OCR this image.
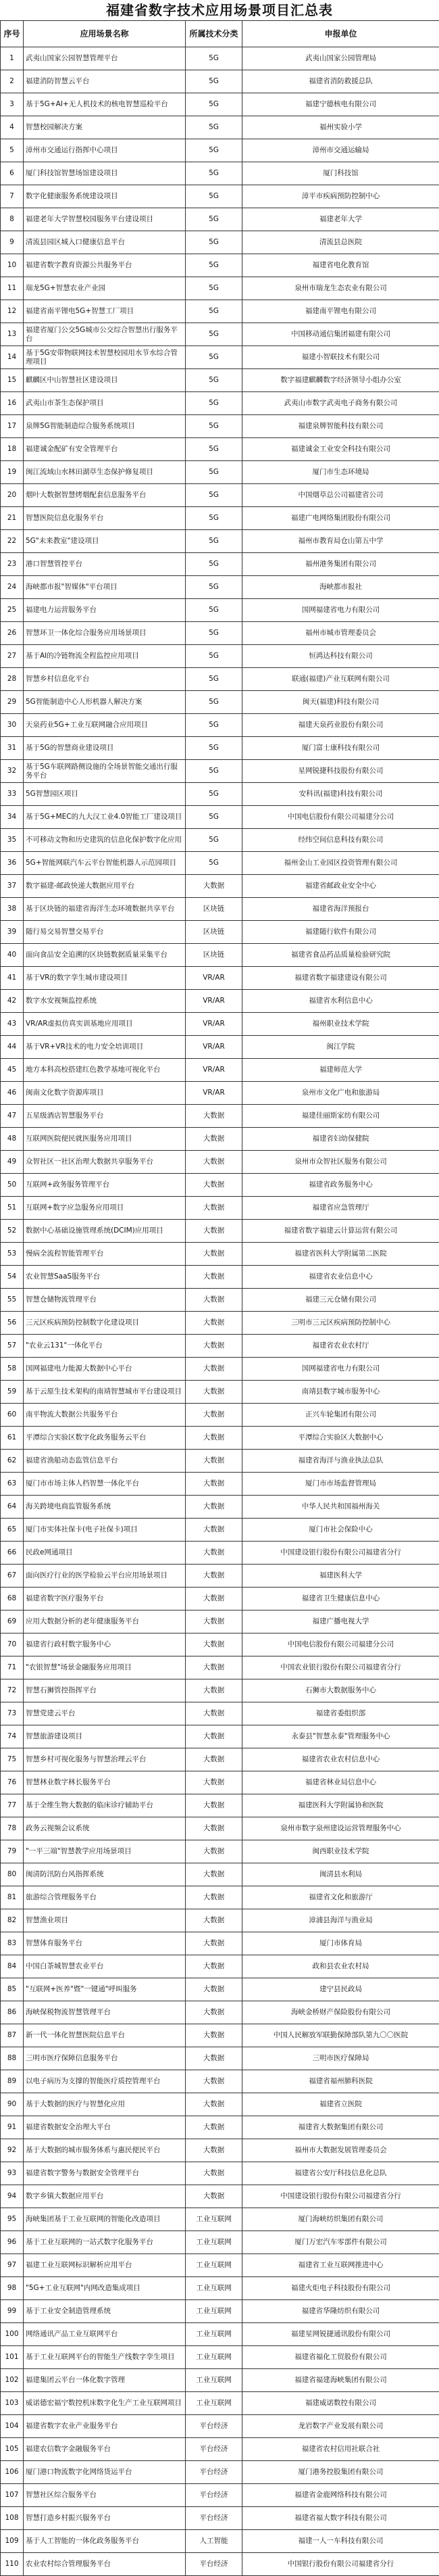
福建省数字技术应用场景项目汇总表
序号	应用场景名称	所属技术分类	申报单位
1	武夷山国家公园智慧管理平台	5G	武夷山国家公园管理局
2	福建消防智慧云平台	5G	福建省消防救援总队
3	基于5G+AI+无人机技术的核电智慧巡检平台	5G	福建宁德核电有限公司
4	智慧校园解决方案	5G	福州实验小学
5	漳州市交通运行指挥中心项目	5G	漳州市交通运输局
6	厦门科技馆智慧场馆建设项目	5G	厦门科技馆
7	数字化健康服务系统建设项目	5G	漳平市疾病预防控制中心
8	福建老年大学智慧校园服务平台建设项目	5G	福建老年大学
9	清流县园区城入口健康信息平台	5G	清流县总医院
10	福建省数字教育资源公共服务平台	5G	福建省电化教育馆
11	瑞龙5G+智慧农业产业园	5G	泉州市瑞龙生态农业有限公司
12	福建省南平锂电5G+智慧工厂项目	5G	福建南平锂电有限公司
13	福建省厦门公交5G城市公交综合智慧出行服务平台	5G	中国移动通信集团福建有限公司
14	基于5G安带物联网技术智慧校园用水节水综合管理项目	5G	福建小智联技术有限公司
15	麒麟区中山智慧社区建设项目	5G	数字福建麒麟数字经济领导小组办公室
16	武夷山市茶生态保护项目	5G	武夷山市数字武夷电子商务有限公司
17	泉牌5G智能制造综合服务系统项目	5G	福建泉牌智能科技有限公司
18	福建诚金配矿有安全管理平台	5G	福建诚金工业安全科技有限公司
19	闽江流域山水林田湖草生态保护修复项目	5G	厦门市生态环境局
20	烟叶大数据智慧烤烟配套信息服务平台	5G	中国烟草总公司福建省公司
21	智慧医院信息化服务平台	5G	福建广电网络集团股份有限公司
22	5G"未来教室"建设项目	5G	福州市教育局仓山第五中学
23	港口智慧管控平台	5G	福州港务集团有限公司
24	海峡都市报"智媒体"平台项目	5G	海峡都市报社
25	福建电力运营服务平台	5G	国网福建省电力有限公司
26	智慧环卫一体化综合服务应用场景项目	5G	福州市城市管理委员会
27	基于AI的冷链物流全程监控应用项目	5G	恒鸿达科技有限公司
28	智慧乡村信息化平台	5G	联通(福建)产业互联网有限公司
29	5G智能制造中心人形机器人解决方案	5G	闽天(福建)科技有限公司
30	天泉药业5G+工业互联网融合应用项目	5G	福建天泉药业股份有限公司
31	基于5G的智慧商业建设项目	5G	厦门富士康科技有限公司
32	基于5G车联网路侧设施的全场景智能交通出行服务平台	5G	星网锐捷科技股份有限公司
33	5G智慧园区项目	5G	安科讯(福建)科技有限公司
34	基于5G+MEC的九大汉工业4.0智能工厂建设项目	5G	中国电信股份有限公司福建分公司
35	不可移动文物和历史建筑的信息化保护数字化应用	5G	经纬空间信息科技有限公司
36	5G+智能网联汽车云平台智能机器人示范园项目	5G	福州金山工业园区投资管理有限公司
37	数字福建-邮政快递大数据应用平台	大数据	福建省邮政业安全中心
38	基于区块链的福建省海洋生态环境数据共享平台	区块链	福建省海洋预报台
39	随行易交易智慧交易平台	区块链	福建随行软件有限公司
40	面向食品安全追溯的区块链数据质量采集平台	区块链	福建省食品药品质量检验研究院
41	基于VR的数字孪生城市建设项目	VR/AR	福建省数字福建建设有限公司
42	数字水安视频监控系统	VR/AR	福建省水利信息中心
43	VR/AR虚拟仿真实训基地应用项目	VR/AR	福州职业技术学院
44	基于VR+VR技术的电力安全培训项目	VR/AR	闽江学院
45	地方本科高校搭建红色教学基地可视化平台	VR/AR	福建师范大学
46	闽南文化数字资源库项目	VR/AR	泉州市文化广电和旅游局
47	五星级酒店智慧服务平台	大数据	福建佳丽斯家纺有限公司
48	互联网医院便民就医服务应用项目	大数据	福建省妇幼保健院
49	众智社区一社区治理大数据共享服务平台	大数据	泉州市众智社区服务有限公司
50	互联网+政务服务管理平台	大数据	福建省政务服务中心
51	互联网+数字应急服务应用项目	大数据	福建省应急管理厅
52	数据中心基础设施管理系统(DCIM)应用项目	大数据	福建省数字福建云计算运营有限公司
53	慢病全流程智能管理平台	大数据	福建省医科大学附属第二医院
54	农业智慧SaaS服务平台	大数据	福建省农业信息中心
55	智慧仓储物流管理平台	大数据	福建三元仓储有限公司
56	三元区疾病预防控制数字化建设项目	大数据	三明市三元区疾病预防控制中心
57	"农业云131"一体化平台	大数据	福建省农业农村厅
58	国网福建电力能源大数据中心平台	大数据	国网福建省电力有限公司
59	基于云原生技术架构的南靖智慧城市平台建设项目	大数据	南靖县数字城市服务中心
60	南平物流大数据公共服务平台	大数据	正兴车轮集团有限公司
61	平潭综合实验区数字化政务服务云平台	大数据	平潭综合实验区大数据中心
62	福建省渔船动态监管信息平台	大数据	福建省海洋与渔业执法总队
63	厦门市市场主体人档智慧一体化平台	大数据	厦门市市场监督管理局
64	海关跨境电商监管服务系统	大数据	中华人民共和国福州海关
65	厦门市实体社保卡(电子社保卡)项目	大数据	厦门市社会保险中心
66	民政e网通项目	大数据	中国建设银行股份有限公司福建省分行
67	面向医疗行业的医学检验云平台应用场景项目	大数据	福建医科大学
68	福建省数字医疗服务平台	大数据	福建省卫生健康信息中心
69	应用大数据分析的老年健康服务平台	大数据	福建广播电视大学
70	福建省行政村数字服务中心	大数据	中国电信股份有限公司福建分公司
71	"农银智慧"场景金融服务应用项目	大数据	中国农业银行股份有限公司福建省分行
72	智慧石狮管控指挥平台	大数据	石狮市大数据服务中心
73	智慧党建云平台	大数据	福建省委组织部
74	智慧旅游建设项目	大数据	永泰县"智慧永泰"管理服务中心
75	智慧乡村可视化服务与智慧治理云平台	大数据	福建省农业农村信息中心
76	智慧林业数字林长服务平台	大数据	福建省林业局信息中心
77	基于全维生物大数据的临床诊疗辅助平台	大数据	福建医科大学附属协和医院
78	政务云视频会议系统	大数据	泉州市数字泉州建设运营管理服务中心
79	"一平三端"智慧教学应用场景项目	大数据	闽西职业技术学院
80	闽清防汛防台风指挥系统	大数据	闽清县水利局
81	旅游综合管理服务平台	大数据	福建省文化和旅游厅
82	智慧渔业项目	大数据	漳浦县海洋与渔业局
83	智慧体育服务平台	大数据	厦门市体育局
84	中国白茶城智慧农业平台	大数据	政和县农业农村局
85	"互联网+医养"暨"一键通"呼叫服务	大数据	建宁县民政局
86	海峡保税物流智慧管理平台	大数据	海峡金桥财产保险股份有限公司
87	新一代一体化智慧医院信息平台	大数据	中国人民解放军联勤保障部队第九〇〇医院
88	三明市医疗保障信息服务平台	大数据	三明市医疗保障局
89	以电子病历为支撑的智能医疗质控管理平台	大数据	福建省福州肺科医院
90	基于大数据的医疗与智慧化应用	大数据	福建省立医院
91	福建省数据安全治理大平台	大数据	福建省大数据集团有限公司
92	基于大数据的城市服务体系与惠民便民平台	大数据	福州市大数据发展管理委员会
93	福建省数字警务与数据安全管理平台	大数据	福建省公安厅科技信息化总队
94	数字乡镇大数据应用平台	大数据	中国建设银行股份有限公司福建省分行
95	海峡集团基于工业互联网的智能化改造项目	工业互联网	厦门海峡纺织集团有限公司
96	基于工业互联网的一站式数字化服务平台	工业互联网	厦门万宏汽车零部件有限公司
97	福建工业互联网标识解析应用平台	工业互联网	福建省工业互联网推进中心
98	"5G+工业互联网"内网改造集成项目	工业互联网	福建火炬电子科技股份有限公司
99	基于工业安全制造管理系统	工业互联网	福建省华隆纺织有限公司
100	网络通讯产品工业互联网平台	工业互联网	福建星网锐捷通讯股份有限公司
101	基于工业互联网平台的智能生产线数字孪生项目	工业互联网	福建省福化工贸股份有限公司
102	福建集团云平台一体化数字管理	工业互联网	福建省福建海峡集团有限公司
103	威诺德宏福宁数控机床数字化生产工业互联网项目	工业互联网	福建威诺数控有限公司
104	福建省数字农业产业服务平台	平台经济	龙岩数字产业发展有限公司
105	福建农信数字金融服务平台	平台经济	福建省农村信用社联合社
106	厦门港口物流数字化网络货运平台	平台经济	厦门港务控股集团有限公司
107	智慧社区综合服务平台	平台经济	福建省金鹿网络科技有限公司
108	智慧打造乡村振兴服务平台	平台经济	福建省福大数字科技有限公司
109	基于人工智能的一体化政务服务平台	人工智能	福建一人一车科技有限公司
110	农业农村综合管理服务平台	平台经济	中国银行股份有限公司福建省分行
